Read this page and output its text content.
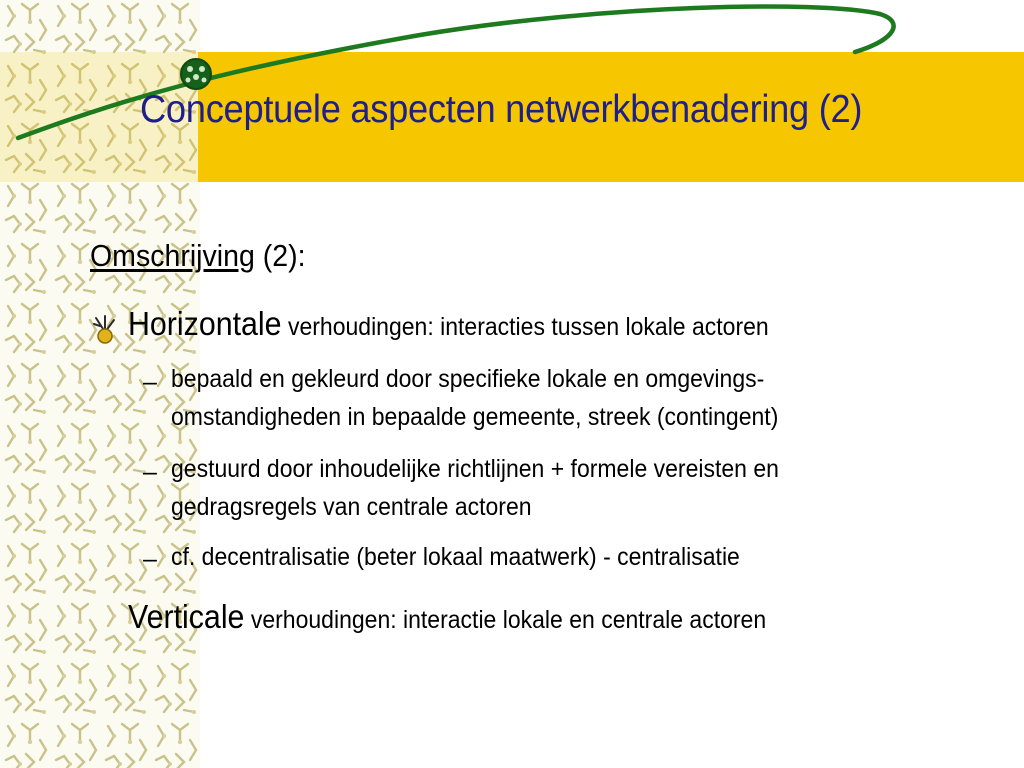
Conceptuele aspecten netwerkbenadering (2)
Omschrijving (2):
Horizontale verhoudingen: interacties tussen lokale actoren
– bepaald en gekleurd door specifieke lokale en omgevings-omstandigheden in bepaalde gemeente, streek (contingent)
– gestuurd door inhoudelijke richtlijnen + formele vereisten en gedragsregels van centrale actoren
– cf. decentralisatie (beter lokaal maatwerk) - centralisatie
Verticale verhoudingen: interactie lokale en centrale actoren
